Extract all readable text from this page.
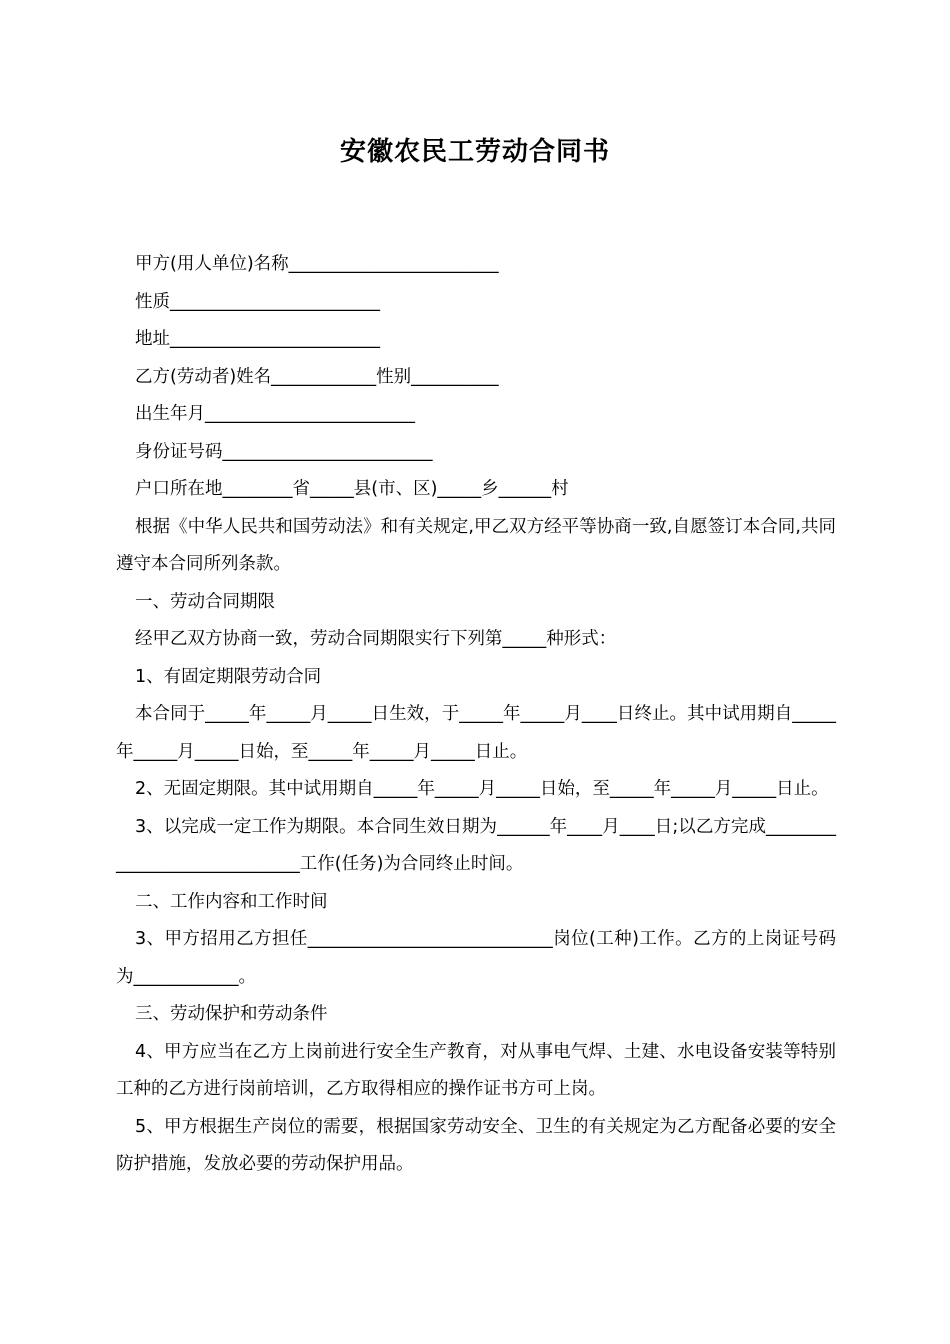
安徽农民工劳动合同书

甲方(用人单位)名称________________________

性质________________________

地址________________________

乙方(劳动者)姓名____________性别__________

出生年月________________________

身份证号码________________________

户口所在地________省_____县(市、区)_____乡______村

根据《中华人民共和国劳动法》和有关规定,甲乙双方经平等协商一致,自愿签订本合同,共同遵守本合同所列条款。

一、劳动合同期限

经甲乙双方协商一致，劳动合同期限实行下列第_____种形式：

1、有固定期限劳动合同

本合同于_____年_____月_____日生效，于_____年_____月____日终止。其中试用期自_____年_____月_____日始，至_____年_____月_____日止。

2、无固定期限。其中试用期自_____年_____月_____日始，至_____年_____月_____日止。

3、以完成一定工作为期限。本合同生效日期为______年____月____日;以乙方完成_____________________________工作(任务)为合同终止时间。

二、工作内容和工作时间

3、甲方招用乙方担任____________________________岗位(工种)工作。乙方的上岗证号码为____________。

三、劳动保护和劳动条件

4、甲方应当在乙方上岗前进行安全生产教育，对从事电气焊、土建、水电设备安装等特别工种的乙方进行岗前培训，乙方取得相应的操作证书方可上岗。

5、甲方根据生产岗位的需要，根据国家劳动安全、卫生的有关规定为乙方配备必要的安全防护措施，发放必要的劳动保护用品。
